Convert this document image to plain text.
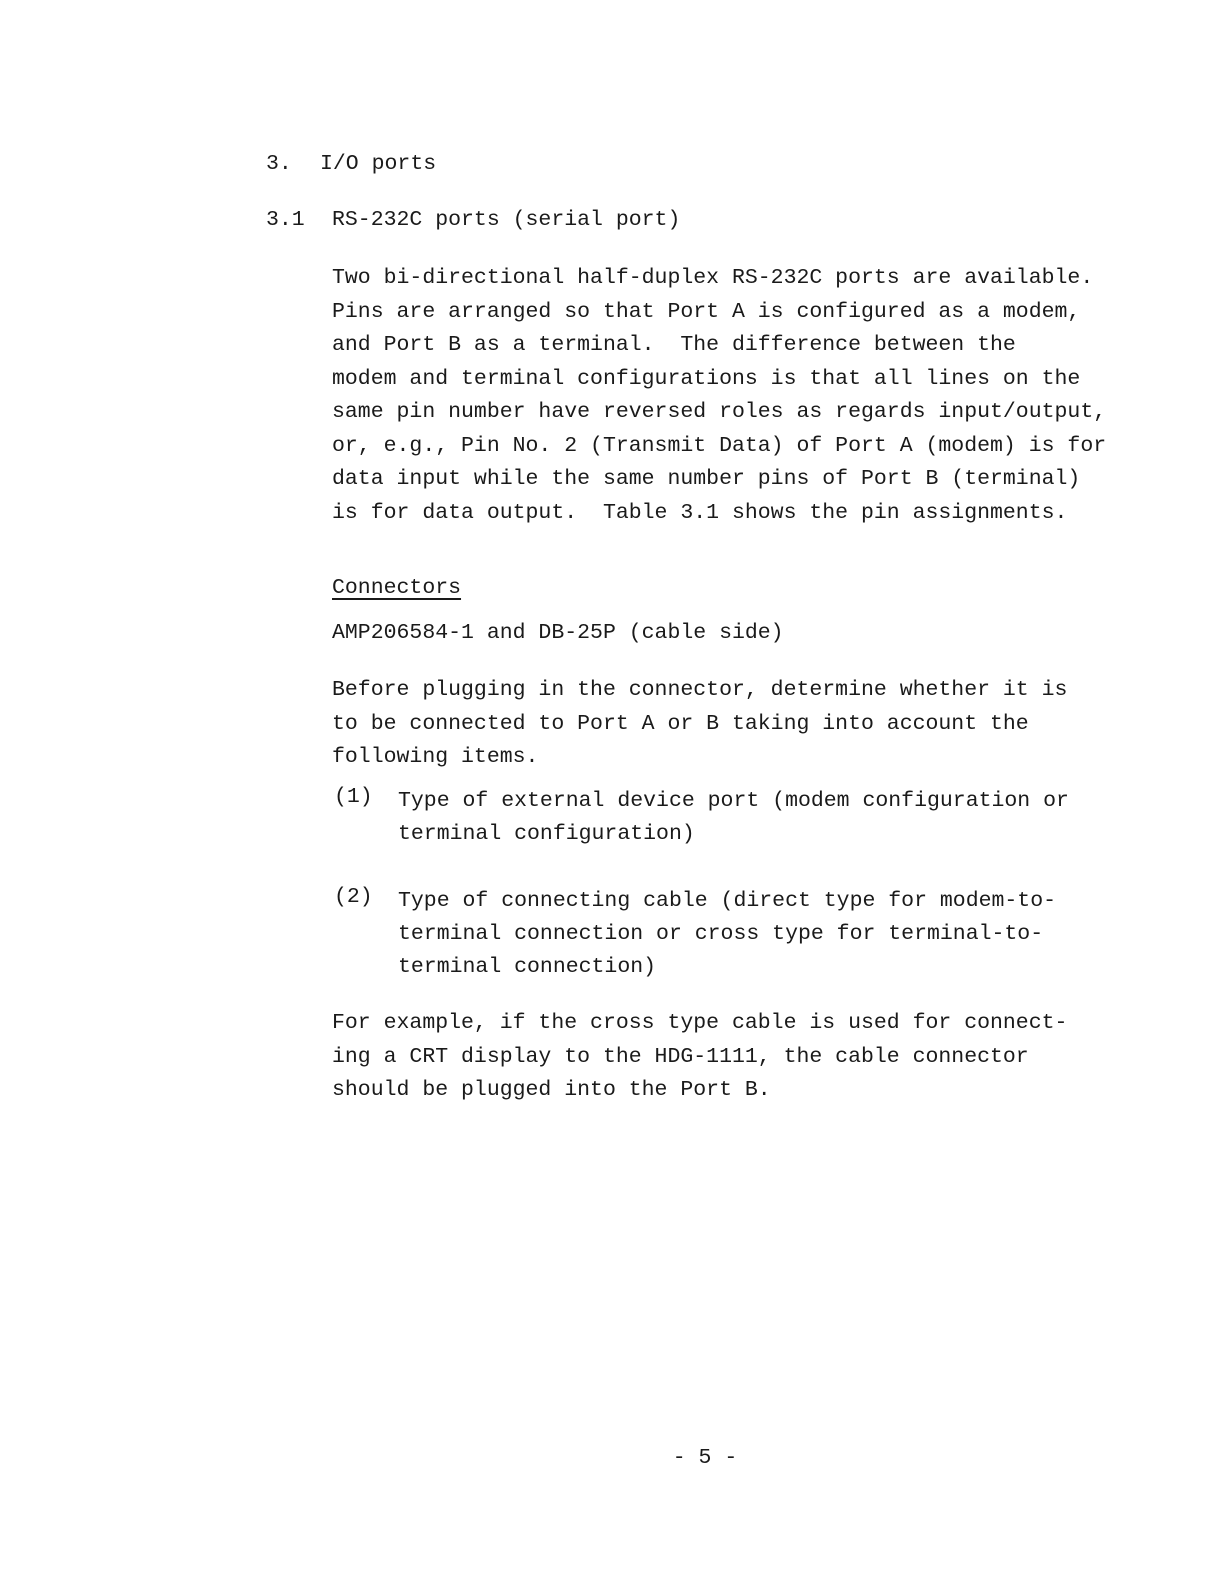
3. I/O ports
3.1 RS-232C ports (serial port)
Two bi-directional half-duplex RS-232C ports are available.
Pins are arranged so that Port A is configured as a modem,
and Port B as a terminal.  The difference between the
modem and terminal configurations is that all lines on the
same pin number have reversed roles as regards input/output,
or, e.g., Pin No. 2 (Transmit Data) of Port A (modem) is for
data input while the same number pins of Port B (terminal)
is for data output.  Table 3.1 shows the pin assignments.
Connectors
AMP206584-1 and DB-25P (cable side)
Before plugging in the connector, determine whether it is
to be connected to Port A or B taking into account the
following items.
(1) Type of external device port (modem configuration or
terminal configuration)
(2) Type of connecting cable (direct type for modem-to-
terminal connection or cross type for terminal-to-
terminal connection)
For example, if the cross type cable is used for connect-
ing a CRT display to the HDG-1111, the cable connector
should be plugged into the Port B.
- 5 -
